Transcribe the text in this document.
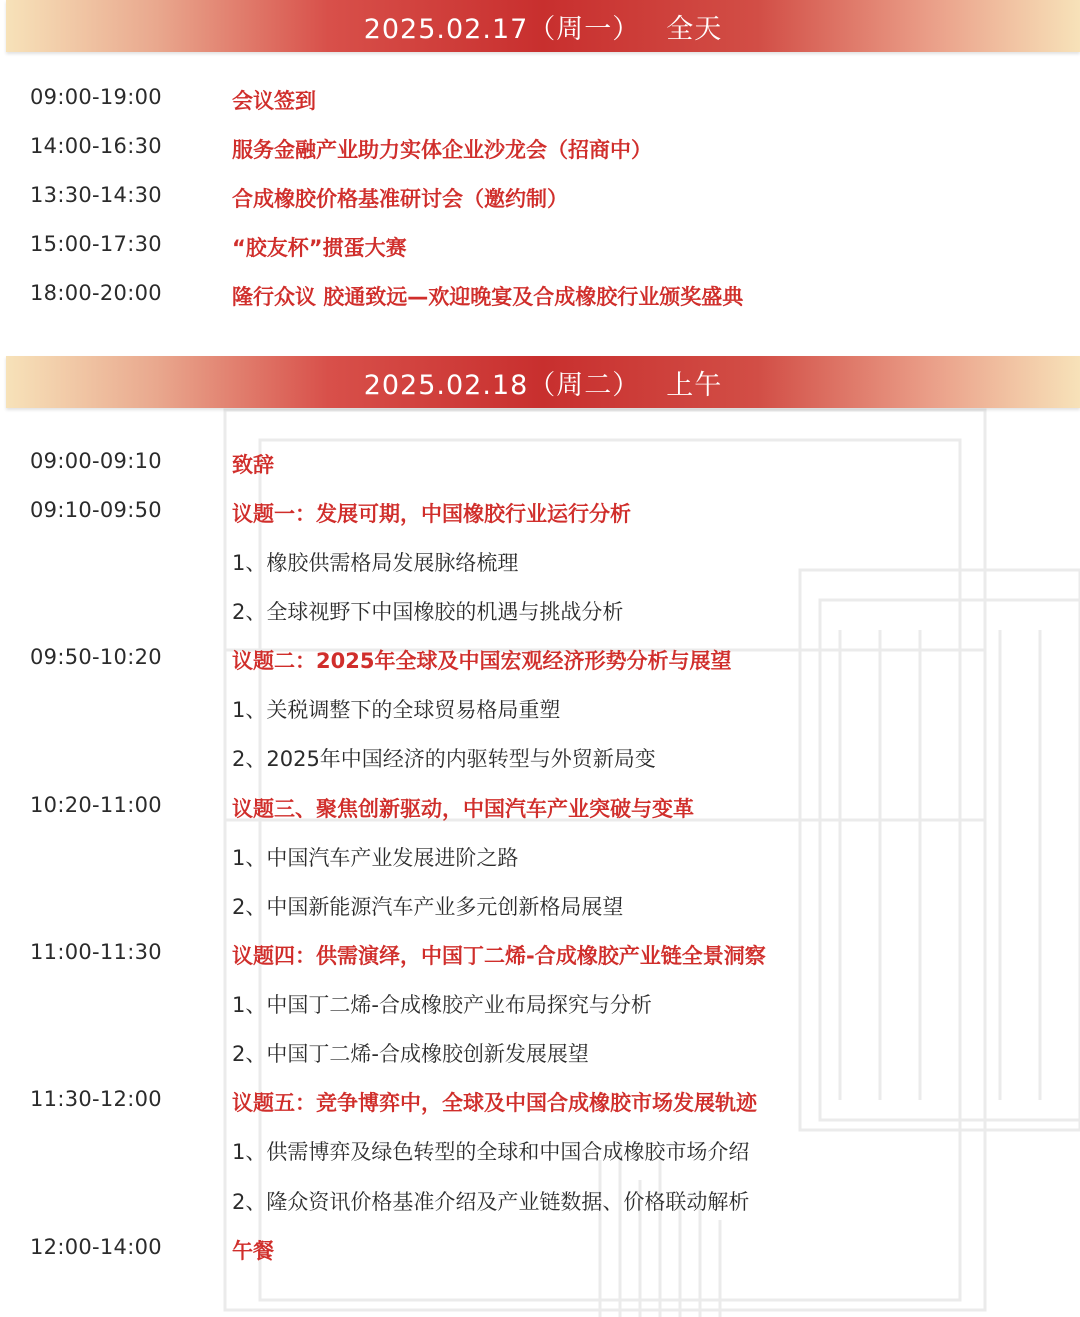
2025.02.17（周一） 全天
09:00-19:00	会议签到
14:00-16:30	服务金融产业助力实体企业沙龙会（招商中）
13:30-14:30	合成橡胶价格基准研讨会（邀约制）
15:00-17:30	“胶友杯”掼蛋大赛
18:00-20:00	隆行众议 胶通致远—欢迎晚宴及合成橡胶行业颁奖盛典
2025.02.18（周二） 上午
09:00-09:10	致辞
09:10-09:50	议题一：发展可期，中国橡胶行业运行分析
1、橡胶供需格局发展脉络梳理
2、全球视野下中国橡胶的机遇与挑战分析
09:50-10:20	议题二：2025年全球及中国宏观经济形势分析与展望
1、关税调整下的全球贸易格局重塑
2、2025年中国经济的内驱转型与外贸新局变
10:20-11:00	议题三、聚焦创新驱动，中国汽车产业突破与变革
1、中国汽车产业发展进阶之路
2、中国新能源汽车产业多元创新格局展望
11:00-11:30	议题四：供需演绎，中国丁二烯-合成橡胶产业链全景洞察
1、中国丁二烯-合成橡胶产业布局探究与分析
2、中国丁二烯-合成橡胶创新发展展望
11:30-12:00	议题五：竞争博弈中，全球及中国合成橡胶市场发展轨迹
1、供需博弈及绿色转型的全球和中国合成橡胶市场介绍
2、隆众资讯价格基准介绍及产业链数据、价格联动解析
12:00-14:00	午餐
